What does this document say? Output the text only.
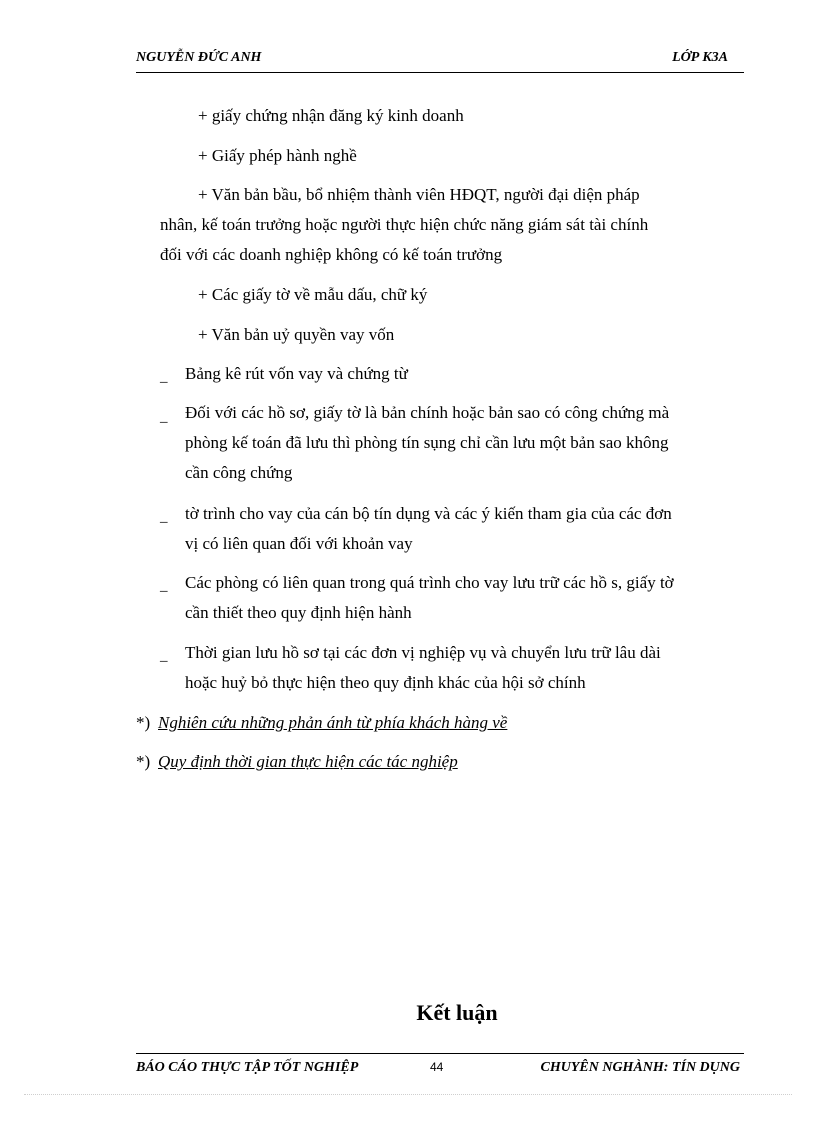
NGUYỄN ĐỨC ANH	LỚP K3A
+ giấy chứng nhận đăng ký kinh doanh
+ Giấy phép hành nghề
+ Văn bản bầu, bổ nhiệm thành viên HĐQT, người đại diện pháp
nhân, kế toán trưởng hoặc người thực hiện chức năng giám sát tài chính
đối với các doanh nghiệp không có kế toán trưởng
+ Các giấy tờ về mẫu dấu, chữ ký
+ Văn bản uỷ quyền vay vốn
_ Bảng kê rút vốn vay và chứng từ
_ Đối với các hồ sơ, giấy tờ là bản chính hoặc bản sao có công chứng mà
phòng kế toán đã lưu thì phòng tín sụng chỉ cần lưu một bản sao không
cần công chứng
_ tờ trình cho vay của cán bộ tín dụng và các ý kiến tham gia của các đơn
vị có liên quan đối với khoản vay
_ Các phòng có liên quan trong quá trình cho vay lưu trữ các hồ s, giấy tờ
cần thiết theo quy định hiện hành
_ Thời gian lưu hồ sơ tại các đơn vị nghiệp vụ và chuyển lưu trữ lâu dài
hoặc huỷ bỏ thực hiện theo quy định khác của hội sở chính
*) Nghiên cứu những phản ánh từ phía khách hàng về
*) Quy định thời gian thực hiện các tác nghiệp
Kết luận
BÁO CÁO THỰC TẬP TỐT NGHIỆP	44	CHUYÊN NGHÀNH: TÍN DỤNG
